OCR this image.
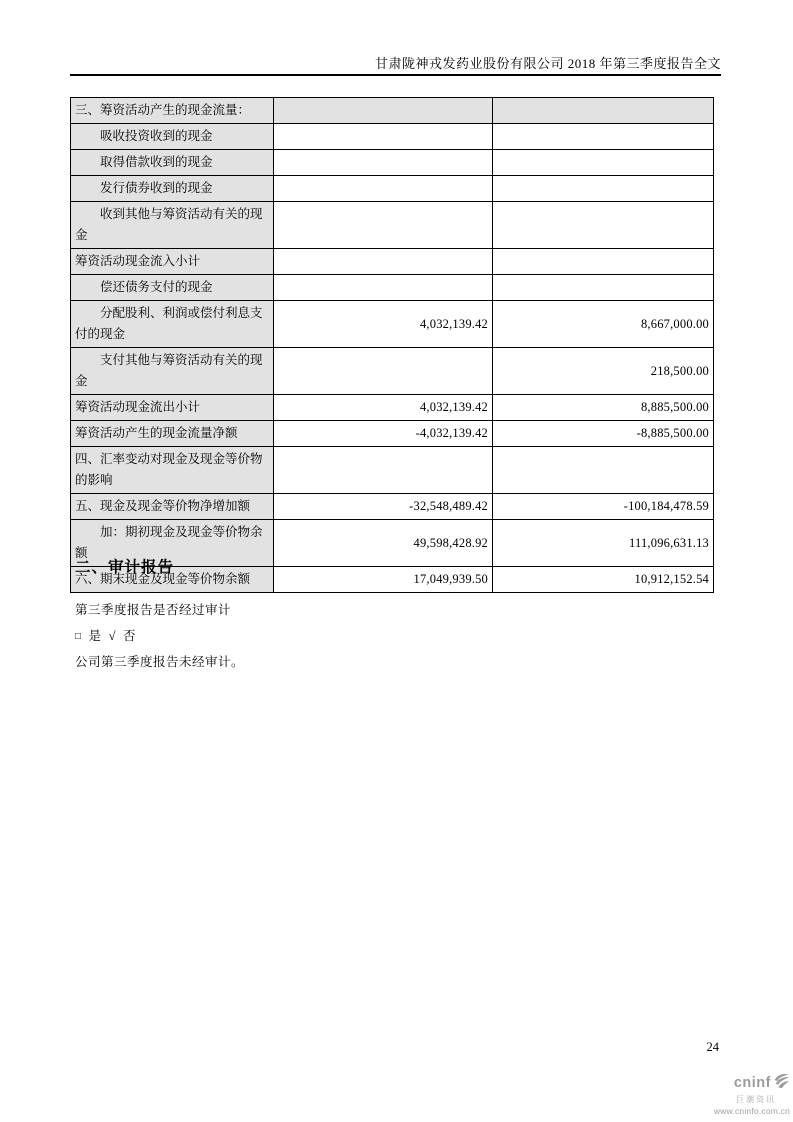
甘肃陇神戎发药业股份有限公司 2018 年第三季度报告全文
三、筹资活动产生的现金流量：		
吸收投资收到的现金		
取得借款收到的现金		
发行债券收到的现金		
收到其他与筹资活动有关的现金		
筹资活动现金流入小计		
偿还债务支付的现金		
分配股利、利润或偿付利息支付的现金	4,032,139.42	8,667,000.00
支付其他与筹资活动有关的现金		218,500.00
筹资活动现金流出小计	4,032,139.42	8,885,500.00
筹资活动产生的现金流量净额	-4,032,139.42	-8,885,500.00
四、汇率变动对现金及现金等价物的影响		
五、现金及现金等价物净增加额	-32,548,489.42	-100,184,478.59
加：期初现金及现金等价物余额	49,598,428.92	111,096,631.13
六、期末现金及现金等价物余额	17,049,939.50	10,912,152.54
二、审计报告
第三季度报告是否经过审计
□ 是 √ 否
公司第三季度报告未经审计。
24
cninf
巨潮资讯
www.cninfo.com.cn
